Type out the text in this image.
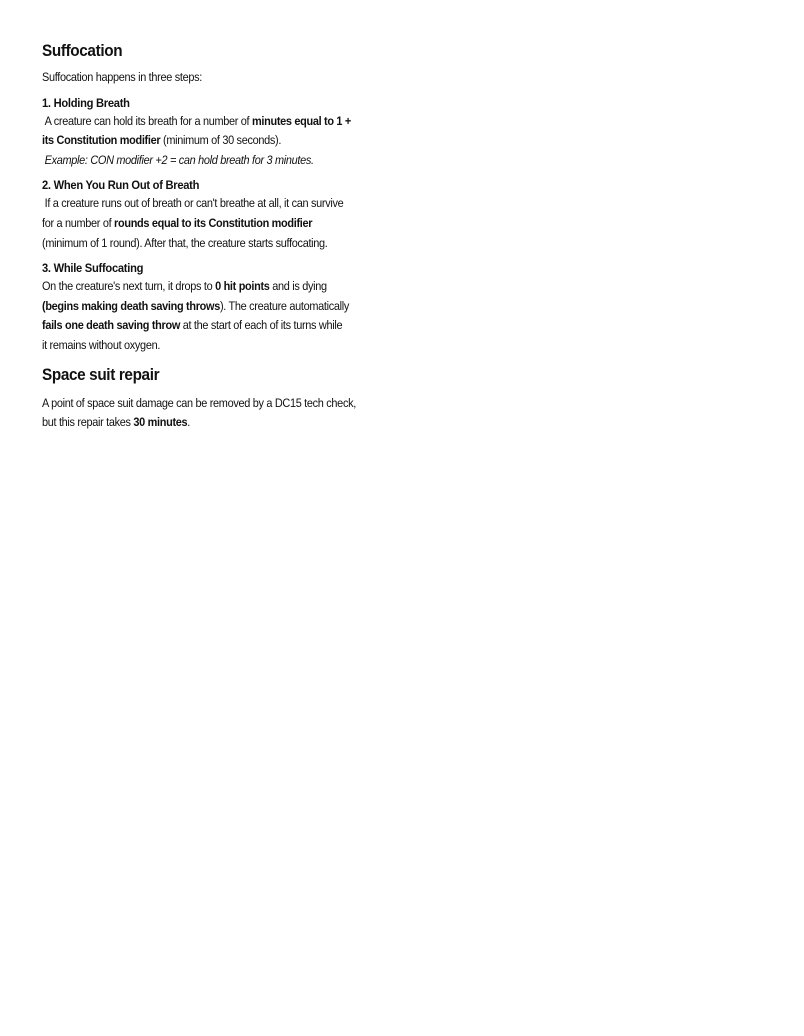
Suffocation

Suffocation happens in three steps:

1. Holding Breath

A creature can hold its breath for a number of minutes equal to 1 +

its Constitution modifier (minimum of 30 seconds).

Example: CON modifier +2 = can hold breath for 3 minutes.

2. When You Run Out of Breath

If a creature runs out of breath or can't breathe at all, it can survive

for a number of rounds equal to its Constitution modifier

(minimum of 1 round). After that, the creature starts suffocating.

3. While Suffocating

On the creature's next turn, it drops to 0 hit points and is dying

(begins making death saving throws). The creature automatically

fails one death saving throw at the start of each of its turns while

it remains without oxygen.

Space suit repair

A point of space suit damage can be removed by a DC15 tech check,

but this repair takes 30 minutes.
